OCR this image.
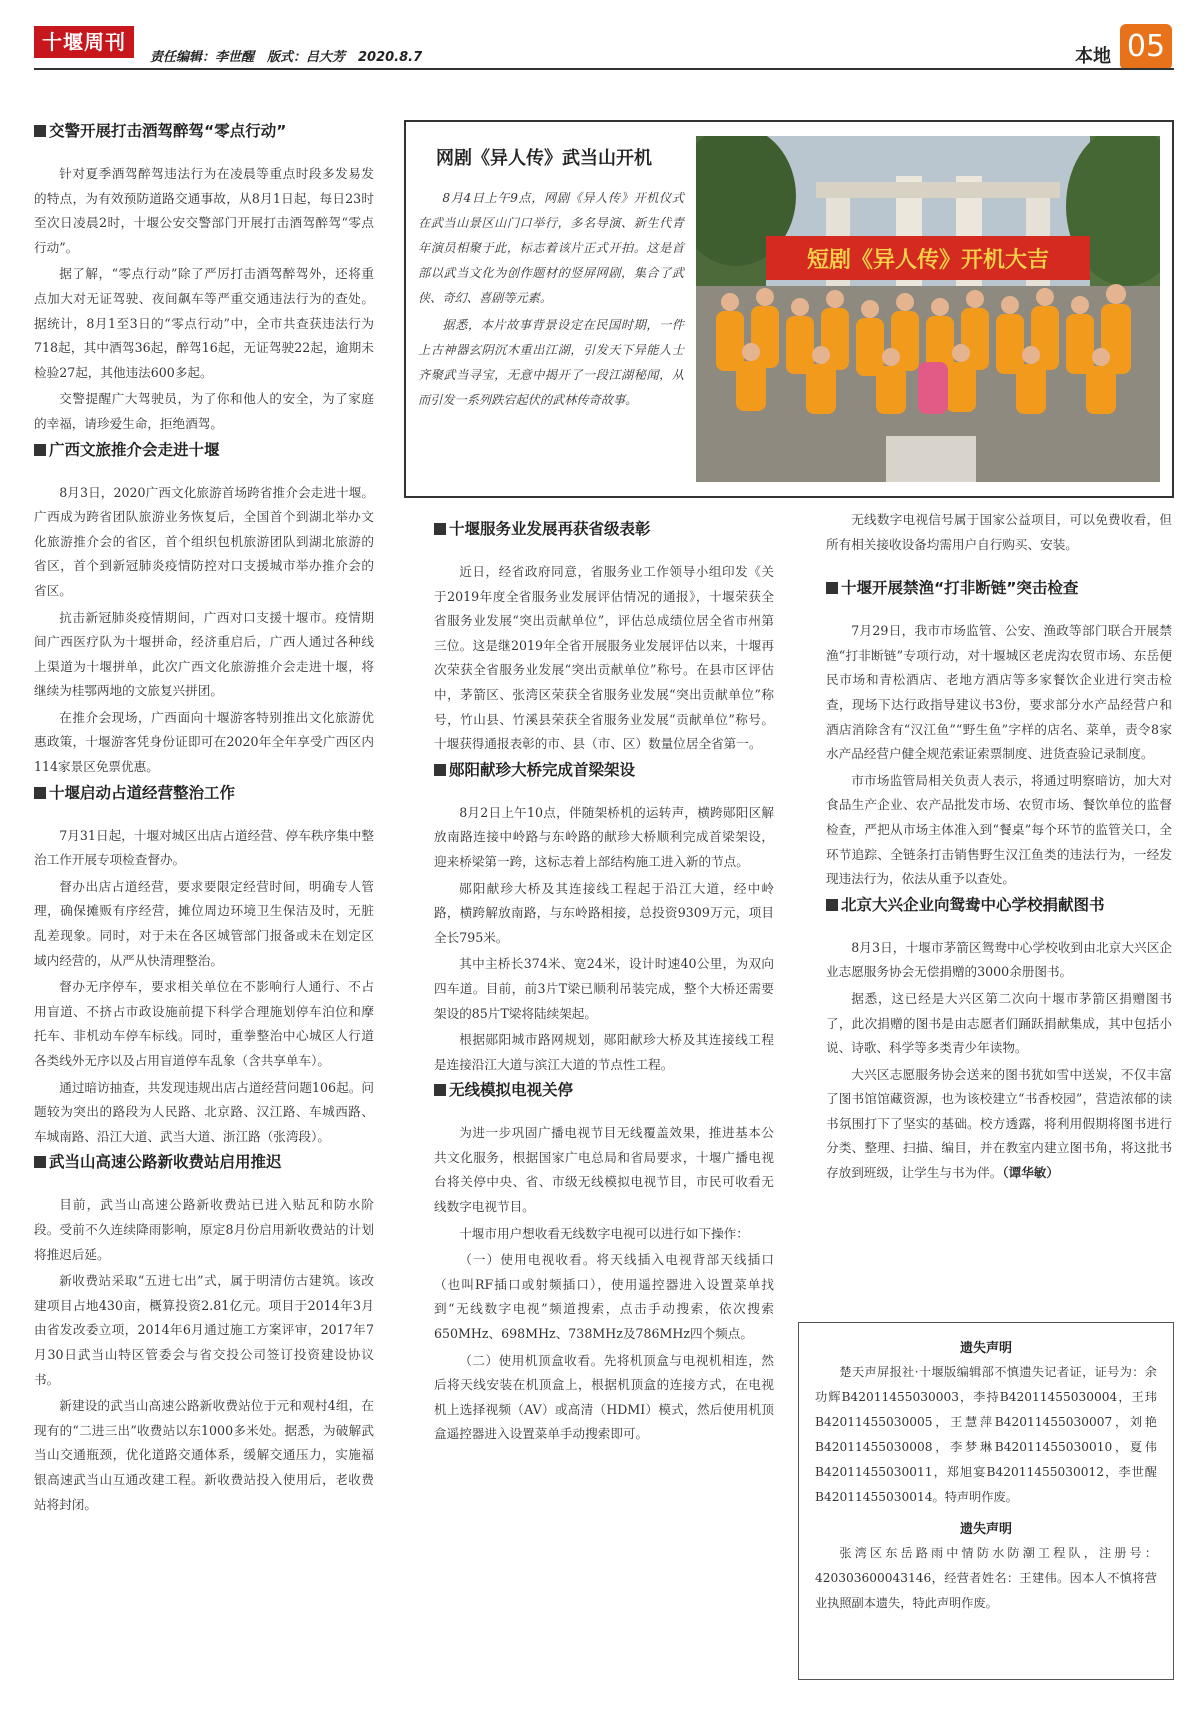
十堰周刊
责任编辑：李世醒　版式：吕大芳　2020.8.7	本地 05
网剧《异人传》武当山开机

8月4日上午9点，网剧《异人传》开机仪式在武当山景区山门口举行，多名导演、新生代青年演员相聚于此，标志着该片正式开拍。这是首部以武当文化为创作题材的竖屏网剧，集合了武侠、奇幻、喜剧等元素。

据悉，本片故事背景设定在民国时期，一件上古神器玄阴沉木重出江湖，引发天下异能人士齐聚武当寻宝，无意中揭开了一段江湖秘闻，从而引发一系列跌宕起伏的武林传奇故事。

短剧《异人传》开机大吉
交警开展打击酒驾醉驾“零点行动”

针对夏季酒驾醉驾违法行为在凌晨等重点时段多发易发的特点，为有效预防道路交通事故，从8月1日起，每日23时至次日凌晨2时，十堰公安交警部门开展打击酒驾醉驾“零点行动”。

据了解，“零点行动”除了严厉打击酒驾醉驾外，还将重点加大对无证驾驶、夜间飙车等严重交通违法行为的查处。据统计，8月1至3日的“零点行动”中，全市共查获违法行为718起，其中酒驾36起，醉驾16起，无证驾驶22起，逾期未检验27起，其他违法600多起。

交警提醒广大驾驶员，为了你和他人的安全，为了家庭的幸福，请珍爱生命，拒绝酒驾。

广西文旅推介会走进十堰

8月3日，2020广西文化旅游首场跨省推介会走进十堰。广西成为跨省团队旅游业务恢复后，全国首个到湖北举办文化旅游推介会的省区，首个组织包机旅游团队到湖北旅游的省区，首个到新冠肺炎疫情防控对口支援城市举办推介会的省区。

抗击新冠肺炎疫情期间，广西对口支援十堰市。疫情期间广西医疗队为十堰拼命，经济重启后，广西人通过各种线上渠道为十堰拼单，此次广西文化旅游推介会走进十堰，将继续为桂鄂两地的文旅复兴拼团。

在推介会现场，广西面向十堰游客特别推出文化旅游优惠政策，十堰游客凭身份证即可在2020年全年享受广西区内114家景区免票优惠。

十堰启动占道经营整治工作

7月31日起，十堰对城区出店占道经营、停车秩序集中整治工作开展专项检查督办。

督办出店占道经营，要求要限定经营时间，明确专人管理，确保摊贩有序经营，摊位周边环境卫生保洁及时，无脏乱差现象。同时，对于未在各区城管部门报备或未在划定区域内经营的，从严从快清理整治。

督办无序停车，要求相关单位在不影响行人通行、不占用盲道、不挤占市政设施前提下科学合理施划停车泊位和摩托车、非机动车停车标线。同时，重拳整治中心城区人行道各类线外无序以及占用盲道停车乱象（含共享单车）。

通过暗访抽查，共发现违规出店占道经营问题106起。问题较为突出的路段为人民路、北京路、汉江路、车城西路、车城南路、沿江大道、武当大道、浙江路（张湾段）。

武当山高速公路新收费站启用推迟

目前，武当山高速公路新收费站已进入贴瓦和防水阶段。受前不久连续降雨影响，原定8月份启用新收费站的计划将推迟后延。

新收费站采取“五进七出”式，属于明清仿古建筑。该改建项目占地430亩，概算投资2.81亿元。项目于2014年3月由省发改委立项，2014年6月通过施工方案评审，2017年7月30日武当山特区管委会与省交投公司签订投资建设协议书。

新建设的武当山高速公路新收费站位于元和观村4组，在现有的“二进三出”收费站以东1000多米处。据悉，为破解武当山交通瓶颈，优化道路交通体系，缓解交通压力，实施福银高速武当山互通改建工程。新收费站投入使用后，老收费站将封闭。

十堰服务业发展再获省级表彰

近日，经省政府同意，省服务业工作领导小组印发《关于2019年度全省服务业发展评估情况的通报》，十堰荣获全省服务业发展“突出贡献单位”，评估总成绩位居全省市州第三位。这是继2019年全省开展服务业发展评估以来，十堰再次荣获全省服务业发展“突出贡献单位”称号。在县市区评估中，茅箭区、张湾区荣获全省服务业发展“突出贡献单位”称号，竹山县、竹溪县荣获全省服务业发展“贡献单位”称号。十堰获得通报表彰的市、县（市、区）数量位居全省第一。

郧阳献珍大桥完成首梁架设

8月2日上午10点，伴随架桥机的运转声，横跨郧阳区解放南路连接中岭路与东岭路的献珍大桥顺利完成首梁架设，迎来桥梁第一跨，这标志着上部结构施工进入新的节点。

郧阳献珍大桥及其连接线工程起于沿江大道，经中岭路，横跨解放南路，与东岭路相接，总投资9309万元，项目全长795米。

其中主桥长374米、宽24米，设计时速40公里，为双向四车道。目前，前3片T梁已顺利吊装完成，整个大桥还需要架设的85片T梁将陆续架起。

根据郧阳城市路网规划，郧阳献珍大桥及其连接线工程是连接沿江大道与滨江大道的节点性工程。

无线模拟电视关停

为进一步巩固广播电视节目无线覆盖效果，推进基本公共文化服务，根据国家广电总局和省局要求，十堰广播电视台将关停中央、省、市级无线模拟电视节目，市民可收看无线数字电视节目。

十堰市用户想收看无线数字电视可以进行如下操作：

（一）使用电视收看。将天线插入电视背部天线插口（也叫RF插口或射频插口），使用遥控器进入设置菜单找到“无线数字电视”频道搜索，点击手动搜索，依次搜索650MHz、698MHz、738MHz及786MHz四个频点。

（二）使用机顶盒收看。先将机顶盒与电视机相连，然后将天线安装在机顶盒上，根据机顶盒的连接方式，在电视机上选择视频（AV）或高清（HDMI）模式，然后使用机顶盒遥控器进入设置菜单手动搜索即可。

无线数字电视信号属于国家公益项目，可以免费收看，但所有相关接收设备均需用户自行购买、安装。

十堰开展禁渔“打非断链”突击检查

7月29日，我市市场监管、公安、渔政等部门联合开展禁渔“打非断链”专项行动，对十堰城区老虎沟农贸市场、东岳便民市场和青松酒店、老地方酒店等多家餐饮企业进行突击检查，现场下达行政指导建议书3份，要求部分水产品经营户和酒店消除含有“汉江鱼”“野生鱼”字样的店名、菜单，责令8家水产品经营户健全规范索证索票制度、进货查验记录制度。

市市场监管局相关负责人表示，将通过明察暗访，加大对食品生产企业、农产品批发市场、农贸市场、餐饮单位的监督检查，严把从市场主体准入到“餐桌”每个环节的监管关口，全环节追踪、全链条打击销售野生汉江鱼类的违法行为，一经发现违法行为，依法从重予以查处。

北京大兴企业向鸳鸯中心学校捐献图书

8月3日，十堰市茅箭区鸳鸯中心学校收到由北京大兴区企业志愿服务协会无偿捐赠的3000余册图书。

据悉，这已经是大兴区第二次向十堰市茅箭区捐赠图书了，此次捐赠的图书是由志愿者们踊跃捐献集成，其中包括小说、诗歌、科学等多类青少年读物。

大兴区志愿服务协会送来的图书犹如雪中送炭，不仅丰富了图书馆馆藏资源，也为该校建立“书香校园”，营造浓郁的读书氛围打下了坚实的基础。校方透露，将利用假期将图书进行分类、整理、扫描、编目，并在教室内建立图书角，将这批书存放到班级，让学生与书为伴。（谭华敏）

遗失声明

楚天声屏报社·十堰版编辑部不慎遗失记者证，证号为：余功辉B42011455030003，李持B42011455030004，王玮B42011455030005，王慧萍B42011455030007，刘艳B42011455030008，李梦琳B42011455030010，夏伟B42011455030011，郑旭宴B42011455030012，李世醒B42011455030014。特声明作废。

遗失声明

张湾区东岳路雨中情防水防潮工程队，注册号：420303600043146，经营者姓名：王建伟。因本人不慎将营业执照副本遗失，特此声明作废。
